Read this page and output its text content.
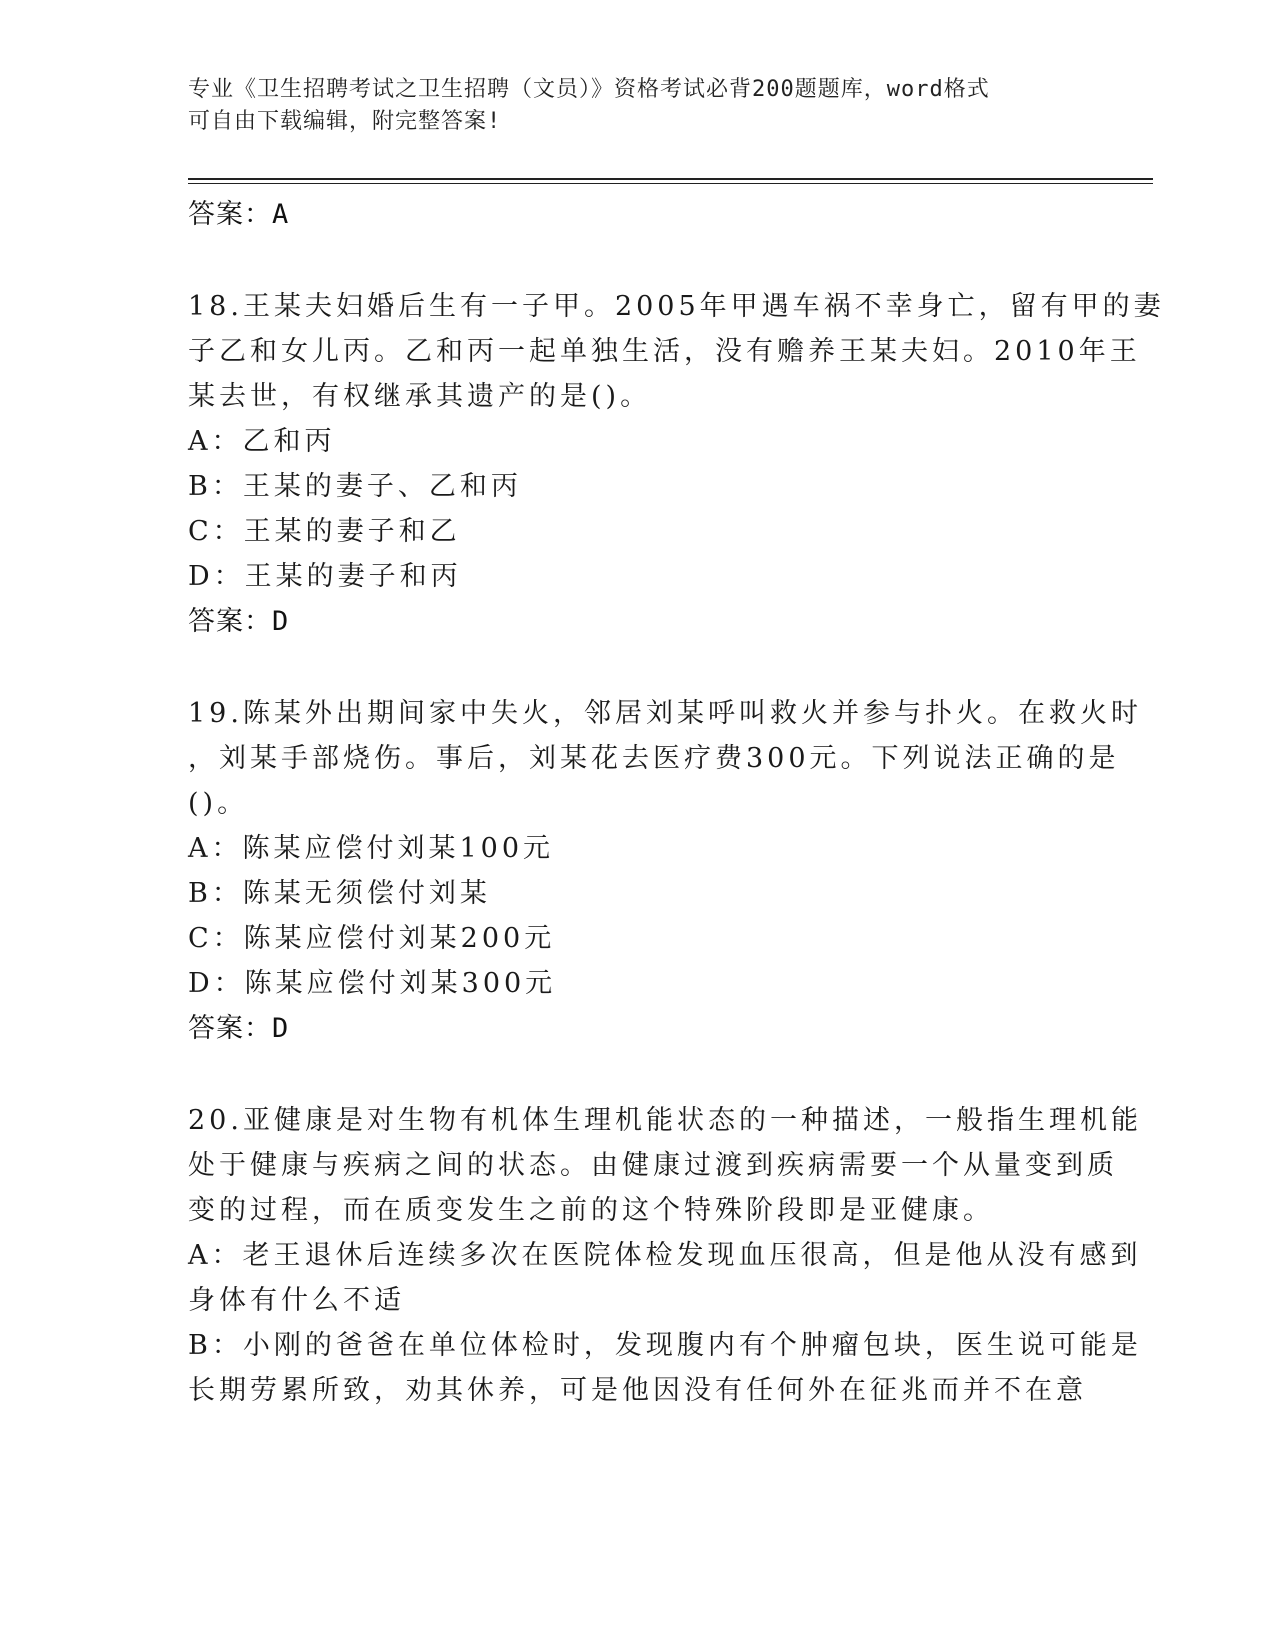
专业《卫生招聘考试之卫生招聘（文员）》资格考试必背200题题库，word格式
可自由下载编辑，附完整答案!

答案：A

18.王某夫妇婚后生有一子甲。2005年甲遇车祸不幸身亡，留有甲的妻
子乙和女儿丙。乙和丙一起单独生活，没有赡养王某夫妇。2010年王
某去世，有权继承其遗产的是()。

A：乙和丙

B：王某的妻子、乙和丙

C：王某的妻子和乙

D：王某的妻子和丙

答案：D

19.陈某外出期间家中失火，邻居刘某呼叫救火并参与扑火。在救火时
，刘某手部烧伤。事后，刘某花去医疗费300元。下列说法正确的是
()。

A：陈某应偿付刘某100元

B：陈某无须偿付刘某

C：陈某应偿付刘某200元

D：陈某应偿付刘某300元

答案：D

20.亚健康是对生物有机体生理机能状态的一种描述，一般指生理机能
处于健康与疾病之间的状态。由健康过渡到疾病需要一个从量变到质
变的过程，而在质变发生之前的这个特殊阶段即是亚健康。

A：老王退休后连续多次在医院体检发现血压很高，但是他从没有感到
身体有什么不适

B：小刚的爸爸在单位体检时，发现腹内有个肿瘤包块，医生说可能是
长期劳累所致，劝其休养，可是他因没有任何外在征兆而并不在意
